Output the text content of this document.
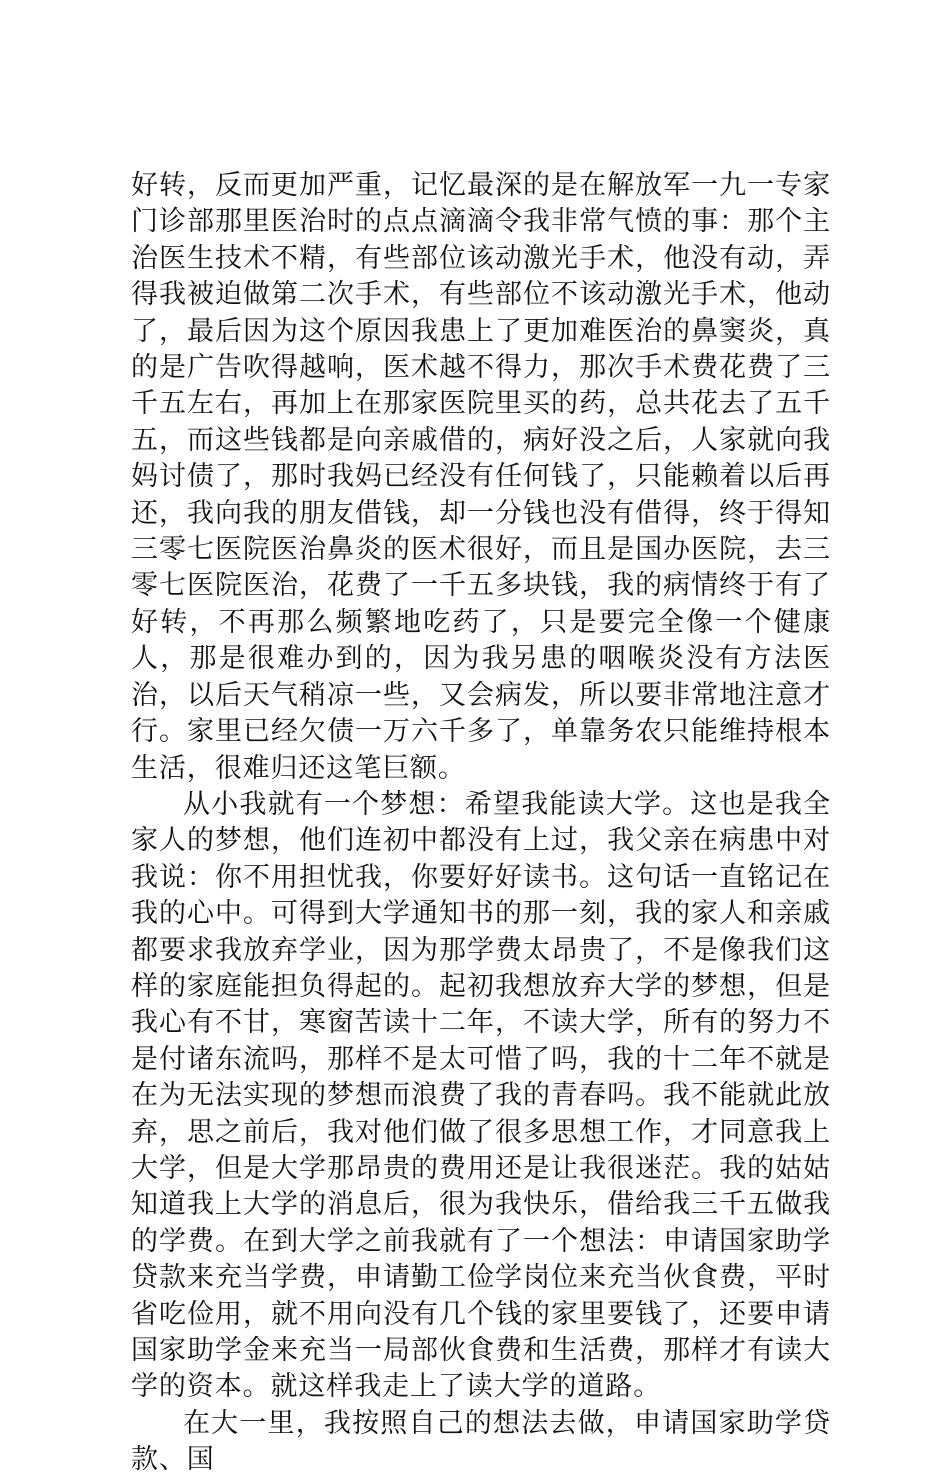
好转，反而更加严重，记忆最深的是在解放军一九一专家门诊部那里医治时的点点滴滴令我非常气愤的事：那个主治医生技术不精，有些部位该动激光手术，他没有动，弄得我被迫做第二次手术，有些部位不该动激光手术，他动了，最后因为这个原因我患上了更加难医治的鼻窦炎，真的是广告吹得越响，医术越不得力，那次手术费花费了三千五左右，再加上在那家医院里买的药，总共花去了五千五，而这些钱都是向亲戚借的，病好没之后，人家就向我妈讨债了，那时我妈已经没有任何钱了，只能赖着以后再还，我向我的朋友借钱，却一分钱也没有借得，终于得知三零七医院医治鼻炎的医术很好，而且是国办医院，去三零七医院医治，花费了一千五多块钱，我的病情终于有了好转，不再那么频繁地吃药了，只是要完全像一个健康人，那是很难办到的，因为我另患的咽喉炎没有方法医治，以后天气稍凉一些，又会病发，所以要非常地注意才行。家里已经欠债一万六千多了，单靠务农只能维持根本生活，很难归还这笔巨额。

从小我就有一个梦想：希望我能读大学。这也是我全家人的梦想，他们连初中都没有上过，我父亲在病患中对我说：你不用担忧我，你要好好读书。这句话一直铭记在我的心中。可得到大学通知书的那一刻，我的家人和亲戚都要求我放弃学业，因为那学费太昂贵了，不是像我们这样的家庭能担负得起的。起初我想放弃大学的梦想，但是我心有不甘，寒窗苦读十二年，不读大学，所有的努力不是付诸东流吗，那样不是太可惜了吗，我的十二年不就是在为无法实现的梦想而浪费了我的青春吗。我不能就此放弃，思之前后，我对他们做了很多思想工作，才同意我上大学，但是大学那昂贵的费用还是让我很迷茫。我的姑姑知道我上大学的消息后，很为我快乐，借给我三千五做我的学费。在到大学之前我就有了一个想法：申请国家助学贷款来充当学费，申请勤工俭学岗位来充当伙食费，平时省吃俭用，就不用向没有几个钱的家里要钱了，还要申请国家助学金来充当一局部伙食费和生活费，那样才有读大学的资本。就这样我走上了读大学的道路。

在大一里，我按照自己的想法去做，申请国家助学贷款、国
